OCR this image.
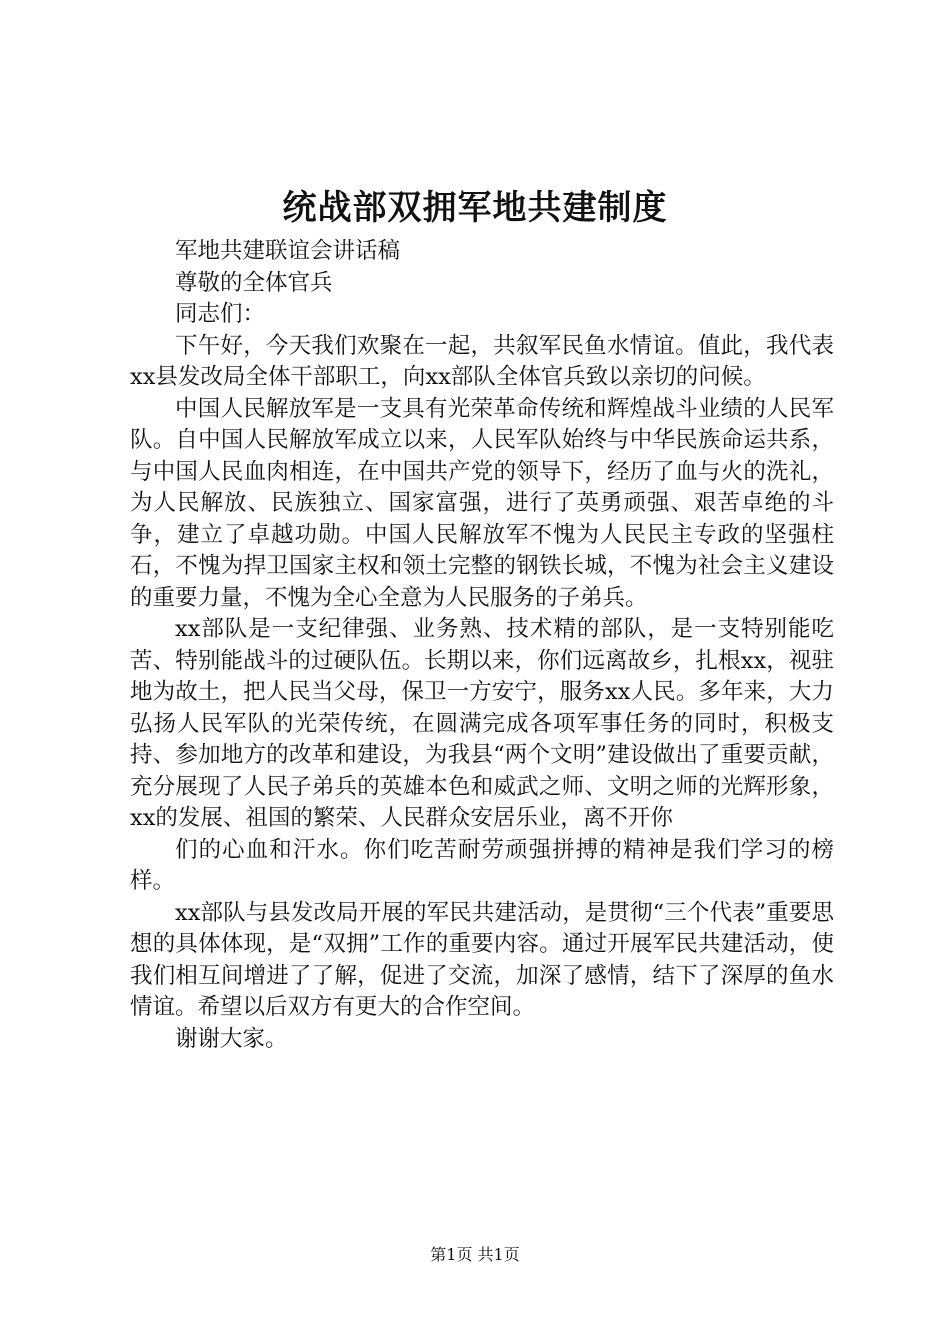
统战部双拥军地共建制度

军地共建联谊会讲话稿

尊敬的全体官兵

同志们：

下午好，今天我们欢聚在一起，共叙军民鱼水情谊。值此，我代表xx县发改局全体干部职工，向xx部队全体官兵致以亲切的问候。

中国人民解放军是一支具有光荣革命传统和辉煌战斗业绩的人民军队。自中国人民解放军成立以来，人民军队始终与中华民族命运共系，与中国人民血肉相连，在中国共产党的领导下，经历了血与火的洗礼，为人民解放、民族独立、国家富强，进行了英勇顽强、艰苦卓绝的斗争，建立了卓越功勋。中国人民解放军不愧为人民民主专政的坚强柱石，不愧为捍卫国家主权和领土完整的钢铁长城，不愧为社会主义建设的重要力量，不愧为全心全意为人民服务的子弟兵。

xx部队是一支纪律强、业务熟、技术精的部队，是一支特别能吃苦、特别能战斗的过硬队伍。长期以来，你们远离故乡，扎根xx，视驻地为故土，把人民当父母，保卫一方安宁，服务xx人民。多年来，大力弘扬人民军队的光荣传统，在圆满完成各项军事任务的同时，积极支持、参加地方的改革和建设，为我县“两个文明”建设做出了重要贡献，充分展现了人民子弟兵的英雄本色和威武之师、文明之师的光辉形象，xx的发展、祖国的繁荣、人民群众安居乐业，离不开你

们的心血和汗水。你们吃苦耐劳顽强拼搏的精神是我们学习的榜样。

xx部队与县发改局开展的军民共建活动，是贯彻“三个代表”重要思想的具体体现，是“双拥”工作的重要内容。通过开展军民共建活动，使我们相互间增进了了解，促进了交流，加深了感情，结下了深厚的鱼水情谊。希望以后双方有更大的合作空间。

谢谢大家。

第1页 共1页
